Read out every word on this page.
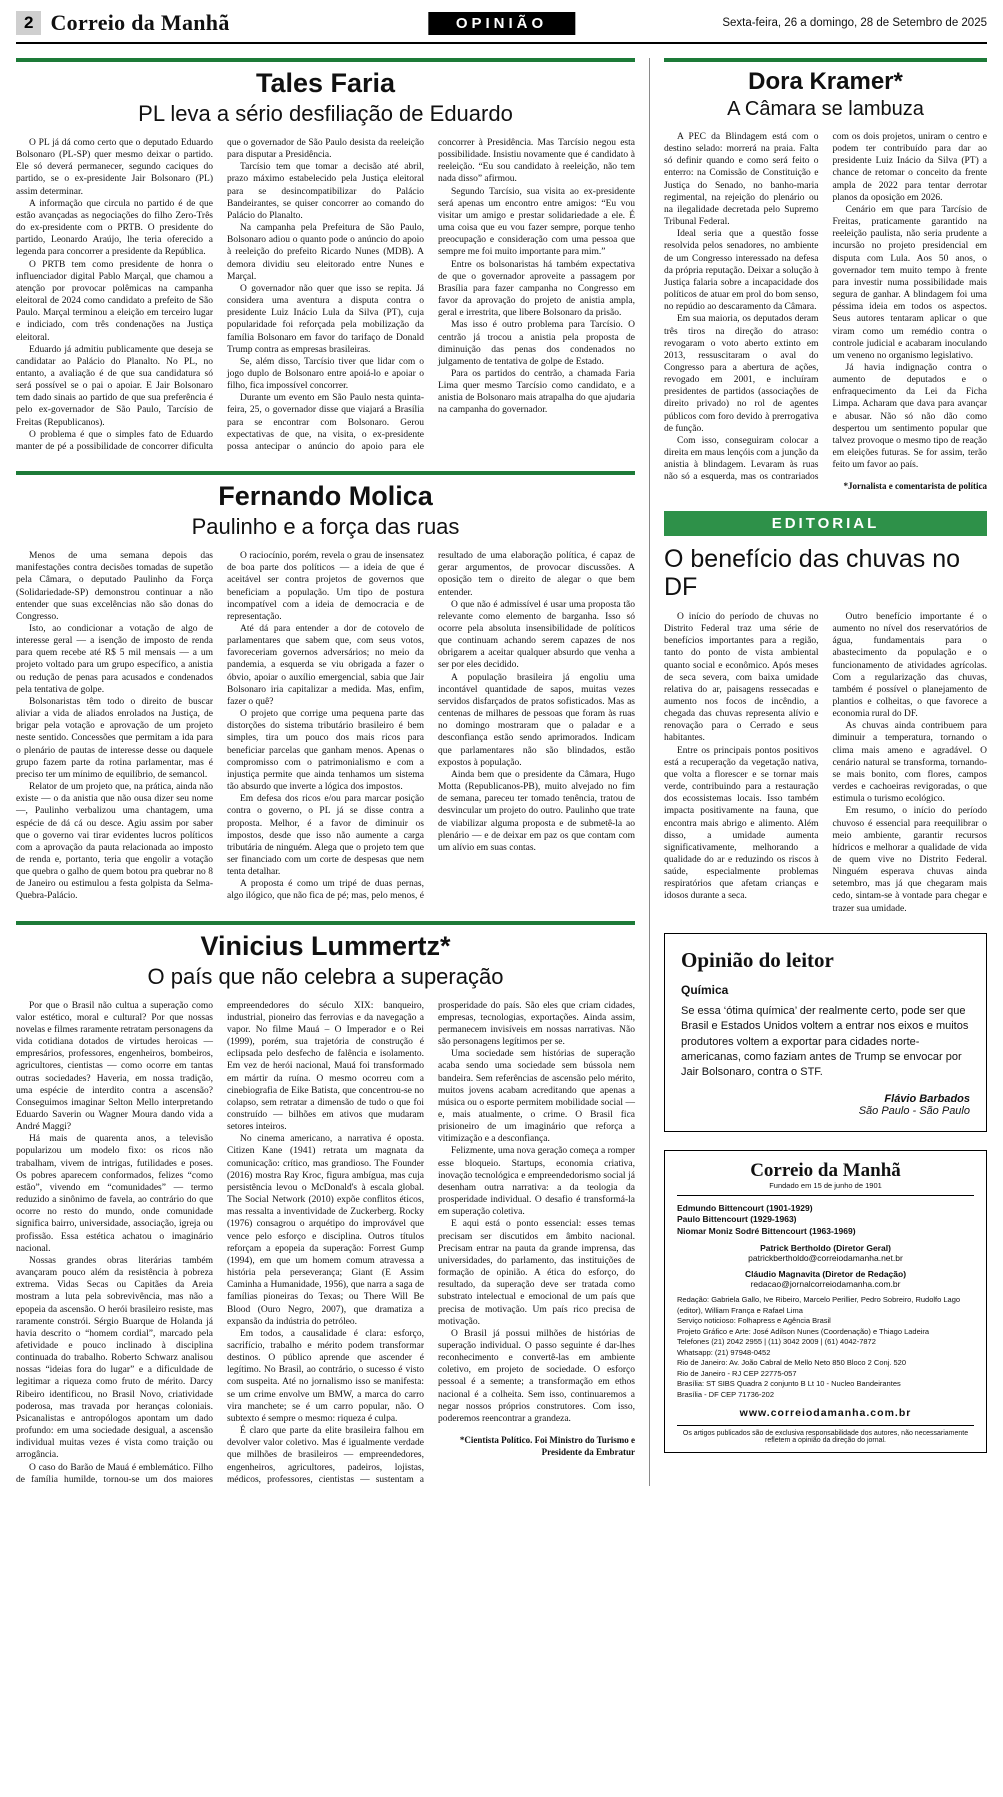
2 Correio da Manhã	OPINIÃO	Sexta-feira, 26 a domingo, 28 de Setembro de 2025
Tales Faria
PL leva a sério desfiliação de Eduardo

O PL já dá como certo que o deputado Eduardo Bolsonaro (PL-SP) quer mesmo deixar o partido. Ele só deverá permanecer, segundo caciques do partido, se o ex-presidente Jair Bolsonaro (PL) assim determinar.

A informação que circula no partido é de que estão avançadas as negociações do filho Zero-Três do ex-presidente com o PRTB. O presidente do partido, Leonardo Araújo, lhe teria oferecido a legenda para concorrer a presidente da República.

O PRTB tem como presidente de honra o influenciador digital Pablo Marçal, que chamou a atenção por provocar polêmicas na campanha eleitoral de 2024 como candidato a prefeito de São Paulo. Marçal terminou a eleição em terceiro lugar e indiciado, com três condenações na Justiça eleitoral.

Eduardo já admitiu publicamente que deseja se candidatar ao Palácio do Planalto. No PL, no entanto, a avaliação é de que sua candidatura só será possível se o pai o apoiar. E Jair Bolsonaro tem dado sinais ao partido de que sua preferência é pelo ex-governador de São Paulo, Tarcísio de Freitas (Republicanos).

O problema é que o simples fato de Eduardo manter de pé a possibilidade de concorrer dificulta que o governador de São Paulo desista da reeleição para disputar a Presidência.

Tarcísio tem que tomar a decisão até abril, prazo máximo estabelecido pela Justiça eleitoral para se desincompatibilizar do Palácio Bandeirantes, se quiser concorrer ao comando do Palácio do Planalto.

Na campanha pela Prefeitura de São Paulo, Bolsonaro adiou o quanto pode o anúncio do apoio à reeleição do prefeito Ricardo Nunes (MDB). A demora dividiu seu eleitorado entre Nunes e Marçal.

O governador não quer que isso se repita. Já considera uma aventura a disputa contra o presidente Luiz Inácio Lula da Silva (PT), cuja popularidade foi reforçada pela mobilização da família Bolsonaro em favor do tarifaço de Donald Trump contra as empresas brasileiras.

Se, além disso, Tarcísio tiver que lidar com o jogo duplo de Bolsonaro entre apoiá-lo e apoiar o filho, fica impossível concorrer.

Durante um evento em São Paulo nesta quinta-feira, 25, o governador disse que viajará a Brasília para se encontrar com Bolsonaro. Gerou expectativas de que, na visita, o ex-presidente possa antecipar o anúncio do apoio para ele concorrer à Presidência. Mas Tarcísio negou esta possibilidade. Insistiu novamente que é candidato à reeleição. “Eu sou candidato à reeleição, não tem nada disso” afirmou.

Segundo Tarcísio, sua visita ao ex-presidente será apenas um encontro entre amigos: “Eu vou visitar um amigo e prestar solidariedade a ele. É uma coisa que eu vou fazer sempre, porque tenho preocupação e consideração com uma pessoa que sempre me foi muito importante para mim.”

Entre os bolsonaristas há também expectativa de que o governador aproveite a passagem por Brasília para fazer campanha no Congresso em favor da aprovação do projeto de anistia ampla, geral e irrestrita, que libere Bolsonaro da prisão.

Mas isso é outro problema para Tarcísio. O centrão já trocou a anistia pela proposta de diminuição das penas dos condenados no julgamento de tentativa de golpe de Estado.

Para os partidos do centrão, a chamada Faria Lima quer mesmo Tarcísio como candidato, e a anistia de Bolsonaro mais atrapalha do que ajudaria na campanha do governador.

Fernando Molica
Paulinho e a força das ruas

Menos de uma semana depois das manifestações contra decisões tomadas de supetão pela Câmara, o deputado Paulinho da Força (Solidariedade-SP) demonstrou continuar a não entender que suas excelências não são donas do Congresso.

Isto, ao condicionar a votação de algo de interesse geral — a isenção de imposto de renda para quem recebe até R$ 5 mil mensais — a um projeto voltado para um grupo específico, a anistia ou redução de penas para acusados e condenados pela tentativa de golpe.

Bolsonaristas têm todo o direito de buscar aliviar a vida de aliados enrolados na Justiça, de brigar pela votação e aprovação de um projeto neste sentido. Concessões que permitam a ida para o plenário de pautas de interesse desse ou daquele grupo fazem parte da rotina parlamentar, mas é preciso ter um mínimo de equilíbrio, de semancol.

Relator de um projeto que, na prática, ainda não existe — o da anistia que não ousa dizer seu nome —, Paulinho verbalizou uma chantagem, uma espécie de dá cá ou desce. Agiu assim por saber que o governo vai tirar evidentes lucros políticos com a aprovação da pauta relacionada ao imposto de renda e, portanto, teria que engolir a votação que quebra o galho de quem botou pra quebrar no 8 de Janeiro ou estimulou a festa golpista da Selma-Quebra-Palácio.

O raciocínio, porém, revela o grau de insensatez de boa parte dos políticos — a ideia de que é aceitável ser contra projetos de governos que beneficiam a população. Um tipo de postura incompatível com a ideia de democracia e de representação.

Até dá para entender a dor de cotovelo de parlamentares que sabem que, com seus votos, favoreceriam governos adversários; no meio da pandemia, a esquerda se viu obrigada a fazer o óbvio, apoiar o auxílio emergencial, sabia que Jair Bolsonaro iria capitalizar a medida. Mas, enfim, fazer o quê?

O projeto que corrige uma pequena parte das distorções do sistema tributário brasileiro é bem simples, tira um pouco dos mais ricos para beneficiar parcelas que ganham menos. Apenas o compromisso com o patrimonialismo e com a injustiça permite que ainda tenhamos um sistema tão absurdo que inverte a lógica dos impostos.

Em defesa dos ricos e/ou para marcar posição contra o governo, o PL já se disse contra a proposta. Melhor, é a favor de diminuir os impostos, desde que isso não aumente a carga tributária de ninguém. Alega que o projeto tem que ser financiado com um corte de despesas que nem tenta detalhar.

A proposta é como um tripé de duas pernas, algo ilógico, que não fica de pé; mas, pelo menos, é resultado de uma elaboração política, é capaz de gerar argumentos, de provocar discussões. A oposição tem o direito de alegar o que bem entender.

O que não é admissível é usar uma proposta tão relevante como elemento de barganha. Isso só ocorre pela absoluta insensibilidade de políticos que continuam achando serem capazes de nos obrigarem a aceitar qualquer absurdo que venha a ser por eles decidido.

A população brasileira já engoliu uma incontável quantidade de sapos, muitas vezes servidos disfarçados de pratos sofisticados. Mas as centenas de milhares de pessoas que foram às ruas no domingo mostraram que o paladar e a desconfiança estão sendo aprimorados. Indicam que parlamentares não são blindados, estão expostos à população.

Ainda bem que o presidente da Câmara, Hugo Motta (Republicanos-PB), muito alvejado no fim de semana, pareceu ter tomado tenência, tratou de desvincular um projeto do outro. Paulinho que trate de viabilizar alguma proposta e de submetê-la ao plenário — e de deixar em paz os que contam com um alívio em suas contas.

Vinicius Lummertz*
O país que não celebra a superação

Por que o Brasil não cultua a superação como valor estético, moral e cultural? Por que nossas novelas e filmes raramente retratam personagens da vida cotidiana dotados de virtudes heroicas — empresários, professores, engenheiros, bombeiros, agricultores, cientistas — como ocorre em tantas outras sociedades? Haveria, em nossa tradição, uma espécie de interdito contra a ascensão? Conseguimos imaginar Selton Mello interpretando Eduardo Saverin ou Wagner Moura dando vida a André Maggi?

Há mais de quarenta anos, a televisão popularizou um modelo fixo: os ricos não trabalham, vivem de intrigas, futilidades e poses. Os pobres aparecem conformados, felizes “como estão”, vivendo em “comunidades” — termo reduzido a sinônimo de favela, ao contrário do que ocorre no resto do mundo, onde comunidade significa bairro, universidade, associação, igreja ou profissão. Essa estética achatou o imaginário nacional.

Nossas grandes obras literárias também avançaram pouco além da resistência à pobreza extrema. Vidas Secas ou Capitães da Areia mostram a luta pela sobrevivência, mas não a epopeia da ascensão. O herói brasileiro resiste, mas raramente constrói. Sérgio Buarque de Holanda já havia descrito o “homem cordial”, marcado pela afetividade e pouco inclinado à disciplina continuada do trabalho. Roberto Schwarz analisou nossas “ideias fora do lugar” e a dificuldade de legitimar a riqueza como fruto de mérito. Darcy Ribeiro identificou, no Brasil Novo, criatividade poderosa, mas travada por heranças coloniais. Psicanalistas e antropólogos apontam um dado profundo: em uma sociedade desigual, a ascensão individual muitas vezes é vista como traição ou arrogância.

O caso do Barão de Mauá é emblemático. Filho de família humilde, tornou-se um dos maiores empreendedores do século XIX: banqueiro, industrial, pioneiro das ferrovias e da navegação a vapor. No filme Mauá – O Imperador e o Rei (1999), porém, sua trajetória de construção é eclipsada pelo desfecho de falência e isolamento. Em vez de herói nacional, Mauá foi transformado em mártir da ruína. O mesmo ocorreu com a cinebiografia de Eike Batista, que concentrou-se no colapso, sem retratar a dimensão de tudo o que foi construído — bilhões em ativos que mudaram setores inteiros.

No cinema americano, a narrativa é oposta. Citizen Kane (1941) retrata um magnata da comunicação: crítico, mas grandioso. The Founder (2016) mostra Ray Kroc, figura ambígua, mas cuja persistência levou o McDonald's à escala global. The Social Network (2010) expõe conflitos éticos, mas ressalta a inventividade de Zuckerberg. Rocky (1976) consagrou o arquétipo do improvável que vence pelo esforço e disciplina. Outros títulos reforçam a epopeia da superação: Forrest Gump (1994), em que um homem comum atravessa a história pela perseverança; Giant (E Assim Caminha a Humanidade, 1956), que narra a saga de famílias pioneiras do Texas; ou There Will Be Blood (Ouro Negro, 2007), que dramatiza a expansão da indústria do petróleo.

Em todos, a causalidade é clara: esforço, sacrifício, trabalho e mérito podem transformar destinos. O público aprende que ascender é legítimo. No Brasil, ao contrário, o sucesso é visto com suspeita. Até no jornalismo isso se manifesta: se um crime envolve um BMW, a marca do carro vira manchete; se é um carro popular, não. O subtexto é sempre o mesmo: riqueza é culpa.

É claro que parte da elite brasileira falhou em devolver valor coletivo. Mas é igualmente verdade que milhões de brasileiros — empreendedores, engenheiros, agricultores, padeiros, lojistas, médicos, professores, cientistas — sustentam a prosperidade do país. São eles que criam cidades, empresas, tecnologias, exportações. Ainda assim, permanecem invisíveis em nossas narrativas. Não são personagens legítimos per se.

Uma sociedade sem histórias de superação acaba sendo uma sociedade sem bússola nem bandeira. Sem referências de ascensão pelo mérito, muitos jovens acabam acreditando que apenas a música ou o esporte permitem mobilidade social — e, mais atualmente, o crime. O Brasil fica prisioneiro de um imaginário que reforça a vitimização e a desconfiança.

Felizmente, uma nova geração começa a romper esse bloqueio. Startups, economia criativa, inovação tecnológica e empreendedorismo social já desenham outra narrativa: a da teologia da prosperidade individual. O desafio é transformá-la em superação coletiva.

E aqui está o ponto essencial: esses temas precisam ser discutidos em âmbito nacional. Precisam entrar na pauta da grande imprensa, das universidades, do parlamento, das instituições de formação de opinião. A ética do esforço, do resultado, da superação deve ser tratada como substrato intelectual e emocional de um país que precisa de motivação. Um país rico precisa de motivação.

O Brasil já possui milhões de histórias de superação individual. O passo seguinte é dar-lhes reconhecimento e convertê-las em ambiente coletivo, em projeto de sociedade. O esforço pessoal é a semente; a transformação em ethos nacional é a colheita. Sem isso, continuaremos a negar nossos próprios construtores. Com isso, poderemos reencontrar a grandeza.

*Cientista Político. Foi Ministro do Turismo e Presidente da Embratur

Dora Kramer*
A Câmara se lambuza

A PEC da Blindagem está com o destino selado: morrerá na praia. Falta só definir quando e como será feito o enterro: na Comissão de Constituição e Justiça do Senado, no banho-maria regimental, na rejeição do plenário ou na ilegalidade decretada pelo Supremo Tribunal Federal.

Ideal seria que a questão fosse resolvida pelos senadores, no ambiente de um Congresso interessado na defesa da própria reputação. Deixar a solução à Justiça falaria sobre a incapacidade dos políticos de atuar em prol do bom senso, no repúdio ao descaramento da Câmara.

Em sua maioria, os deputados deram três tiros na direção do atraso: revogaram o voto aberto extinto em 2013, ressuscitaram o aval do Congresso para a abertura de ações, revogado em 2001, e incluíram presidentes de partidos (associações de direito privado) no rol de agentes públicos com foro devido à prerrogativa de função.

Com isso, conseguiram colocar a direita em maus lençóis com a junção da anistia à blindagem. Levaram às ruas não só a esquerda, mas os contrariados com os dois projetos, uniram o centro e podem ter contribuído para dar ao presidente Luiz Inácio da Silva (PT) a chance de retomar o conceito da frente ampla de 2022 para tentar derrotar planos da oposição em 2026.

Cenário em que para Tarcísio de Freitas, praticamente garantido na reeleição paulista, não seria prudente a incursão no projeto presidencial em disputa com Lula. Aos 50 anos, o governador tem muito tempo à frente para investir numa possibilidade mais segura de ganhar. A blindagem foi uma péssima ideia em todos os aspectos. Seus autores tentaram aplicar o que viram como um remédio contra o controle judicial e acabaram inoculando um veneno no organismo legislativo.

Já havia indignação contra o aumento de deputados e o enfraquecimento da Lei da Ficha Limpa. Acharam que dava para avançar e abusar. Não só não dão como despertou um sentimento popular que talvez provoque o mesmo tipo de reação em eleições futuras. Se for assim, terão feito um favor ao país.

*Jornalista e comentarista de política

EDITORIAL
O benefício das chuvas no DF

O início do período de chuvas no Distrito Federal traz uma série de benefícios importantes para a região, tanto do ponto de vista ambiental quanto social e econômico. Após meses de seca severa, com baixa umidade relativa do ar, paisagens ressecadas e aumento nos focos de incêndio, a chegada das chuvas representa alívio e renovação para o Cerrado e seus habitantes.

Entre os principais pontos positivos está a recuperação da vegetação nativa, que volta a florescer e se tornar mais verde, contribuindo para a restauração dos ecossistemas locais. Isso também impacta positivamente na fauna, que encontra mais abrigo e alimento. Além disso, a umidade aumenta significativamente, melhorando a qualidade do ar e reduzindo os riscos à saúde, especialmente problemas respiratórios que afetam crianças e idosos durante a seca.

Outro benefício importante é o aumento no nível dos reservatórios de água, fundamentais para o abastecimento da população e o funcionamento de atividades agrícolas. Com a regularização das chuvas, também é possível o planejamento de plantios e colheitas, o que favorece a economia rural do DF.

As chuvas ainda contribuem para diminuir a temperatura, tornando o clima mais ameno e agradável. O cenário natural se transforma, tornando-se mais bonito, com flores, campos verdes e cachoeiras revigoradas, o que estimula o turismo ecológico.

Em resumo, o início do período chuvoso é essencial para reequilibrar o meio ambiente, garantir recursos hídricos e melhorar a qualidade de vida de quem vive no Distrito Federal. Ninguém esperava chuvas ainda setembro, mas já que chegaram mais cedo, sintam-se à vontade para chegar e trazer sua umidade.

Opinião do leitor
Química
Se essa ‘ótima química’ der realmente certo, pode ser que Brasil e Estados Unidos voltem a entrar nos eixos e muitos produtores voltem a exportar para cidades norte-americanas, como faziam antes de Trump se envocar por Jair Bolsonaro, contra o STF.
Flávio Barbados
São Paulo - São Paulo
Correio da Manhã
Fundado em 15 de junho de 1901

Edmundo Bittencourt (1901-1929)

Paulo Bittencourt (1929-1963)

Niomar Moniz Sodré Bittencourt (1963-1969)

Patrick Bertholdo (Diretor Geral)
patrickbertholdo@correiodamanha.net.br
Cláudio Magnavita (Diretor de Redação)
redacao@jornalcorreiodamanha.com.br

Redação: Gabriela Gallo, Ive Ribeiro, Marcelo Perillier, Pedro Sobreiro, Rudolfo Lago (editor), William França e Rafael Lima

Serviço noticioso: Folhapress e Agência Brasil

Projeto Gráfico e Arte: José Adilson Nunes (Coordenação) e Thiago Ladeira

Telefones (21) 2042 2955 | (11) 3042 2009 | (61) 4042-7872

Whatsapp: (21) 97948-0452

Rio de Janeiro: Av. João Cabral de Mello Neto 850 Bloco 2 Conj. 520

Rio de Janeiro - RJ CEP 22775-057

Brasília: ST SIBS Quadra 2 conjunto B Lt 10 - Nucleo Bandeirantes

Brasília - DF CEP 71736-202

www.correiodamanha.com.br
Os artigos publicados são de exclusiva responsabilidade dos autores, não necessariamente refletem a opinião da direção do jornal.
